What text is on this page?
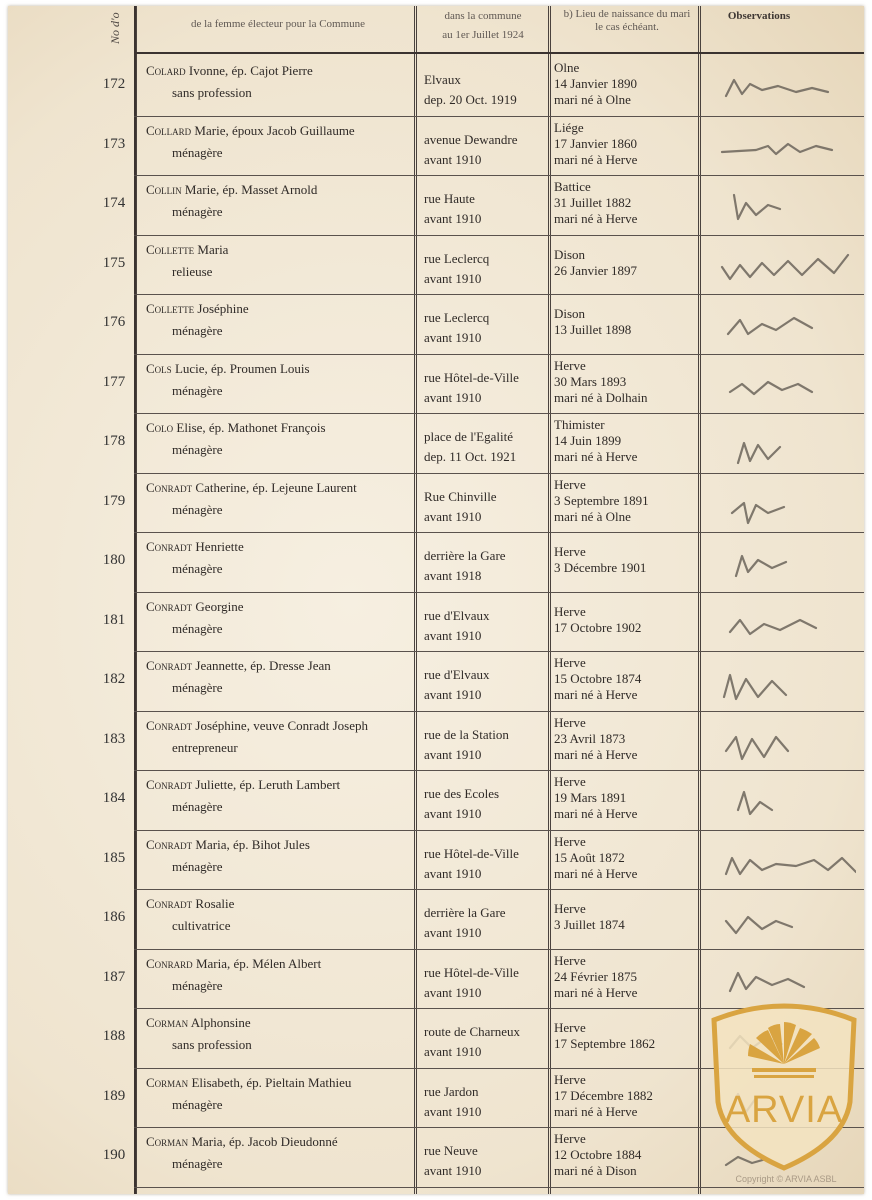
No d'o	de la femme électeur pour la Commune
dans la commune
au 1er Juillet 1924
b) Lieu de naissance du mari
le cas échéant.
Observations
172
Colard Ivonne, ép. Cajot Pierre
sans profession
Elvaux
dep. 20 Oct. 1919
Olne
14 Janvier 1890
mari né à Olne
173
Collard Marie, époux Jacob Guillaume
ménagère
avenue Dewandre
avant 1910
Liége
17 Janvier 1860
mari né à Herve
174
Collin Marie, ép. Masset Arnold
ménagère
rue Haute
avant 1910
Battice
31 Juillet 1882
mari né à Herve
175
Collette Maria
relieuse
rue Leclercq
avant 1910
Dison
26 Janvier 1897
176
Collette Joséphine
ménagère
rue Leclercq
avant 1910
Dison
13 Juillet 1898
177
Cols Lucie, ép. Proumen Louis
ménagère
rue Hôtel-de-Ville
avant 1910
Herve
30 Mars 1893
mari né à Dolhain
178
Colo Elise, ép. Mathonet François
ménagère
place de l'Egalité
dep. 11 Oct. 1921
Thimister
14 Juin 1899
mari né à Herve
179
Conradt Catherine, ép. Lejeune Laurent
ménagère
Rue Chinville
avant 1910
Herve
3 Septembre 1891
mari né à Olne
180
Conradt Henriette
ménagère
derrière la Gare
avant 1918
Herve
3 Décembre 1901
181
Conradt Georgine
ménagère
rue d'Elvaux
avant 1910
Herve
17 Octobre 1902
182
Conradt Jeannette, ép. Dresse Jean
ménagère
rue d'Elvaux
avant 1910
Herve
15 Octobre 1874
mari né à Herve
183
Conradt Joséphine, veuve Conradt Joseph
entrepreneur
rue de la Station
avant 1910
Herve
23 Avril 1873
mari né à Herve
184
Conradt Juliette, ép. Leruth Lambert
ménagère
rue des Ecoles
avant 1910
Herve
19 Mars 1891
mari né à Herve
185
Conradt Maria, ép. Bihot Jules
ménagère
rue Hôtel-de-Ville
avant 1910
Herve
15 Août 1872
mari né à Herve
186
Conradt Rosalie
cultivatrice
derrière la Gare
avant 1910
Herve
3 Juillet 1874
187
Conrard Maria, ép. Mélen Albert
ménagère
rue Hôtel-de-Ville
avant 1910
Herve
24 Février 1875
mari né à Herve
188
Corman Alphonsine
sans profession
route de Charneux
avant 1910
Herve
17 Septembre 1862
189
Corman Elisabeth, ép. Pieltain Mathieu
ménagère
rue Jardon
avant 1910
Herve
17 Décembre 1882
mari né à Herve
190
Corman Maria, ép. Jacob Dieudonné
ménagère
rue Neuve
avant 1910
Herve
12 Octobre 1884
mari né à Dison
ARVIA
Copyright © ARVIA ASBL
